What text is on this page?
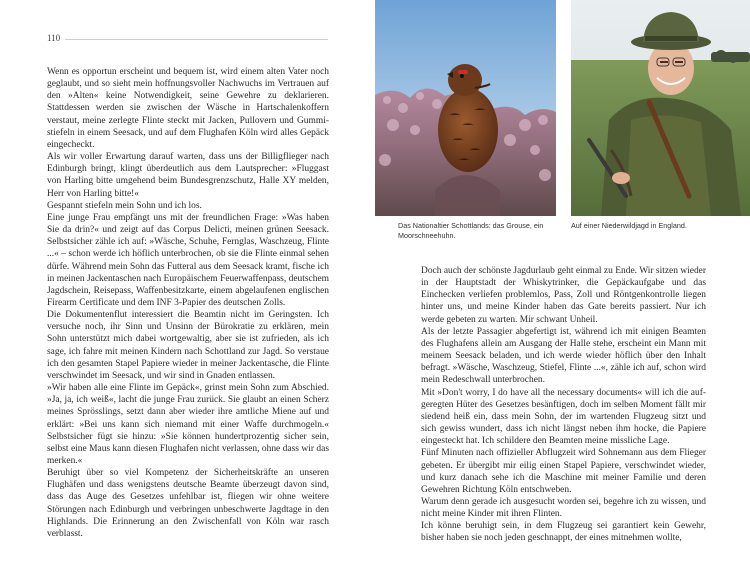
110

Wenn es opportun erscheint und bequem ist, wird einem alten Vater noch geglaubt, und so sieht mein hoffnungsvoller Nachwuchs im Vertrauen auf den »Alten« keine Notwendigkeit, seine Gewehre zu deklarieren. Stattdessen werden sie zwischen der Wäsche in Hartschalenkoffern verstaut, meine zerlegte Flinte steckt mit Jacken, Pullovern und Gummistiefeln in einem Seesack, und auf dem Flughafen Köln wird alles Gepäck eingecheckt.

Als wir voller Erwartung darauf warten, dass uns der Billigflieger nach Edinburgh bringt, klingt überdeutlich aus dem Lautsprecher: »Fluggast von Harling bitte umgehend beim Bundesgrenzschutz, Halle XY melden, Herr von Harling bitte!«

Gespannt stiefeln mein Sohn und ich los.

Eine junge Frau empfängt uns mit der freundlichen Frage: »Was haben Sie da drin?« und zeigt auf das Corpus Delicti, meinen grünen Seesack. Selbstsicher zähle ich auf: »Wäsche, Schuhe, Fernglas, Waschzeug, Flinte ...« – schon werde ich höflich unterbrochen, ob sie die Flinte einmal sehen dürfe. Während mein Sohn das Futteral aus dem Seesack kramt, fische ich in meinen Jackentaschen nach Europäischem Feuerwaffenpass, deutschem Jagdschein, Reisepass, Waffenbesitzkarte, einem abgelaufenen englischen Firearm Certificate und dem INF 3-Papier des deutschen Zolls.

Die Dokumentenflut interessiert die Beamtin nicht im Geringsten. Ich versuche noch, ihr Sinn und Unsinn der Bürokratie zu erklären, mein Sohn unterstützt mich dabei wortgewaltig, aber sie ist zufrieden, als ich sage, ich fahre mit meinen Kindern nach Schottland zur Jagd. So verstaue ich den gesamten Stapel Papiere wieder in meiner Jackentasche, die Flinte verschwindet im Seesack, und wir sind in Gnaden entlassen.

»Wir haben alle eine Flinte im Gepäck«, grinst mein Sohn zum Abschied. »Ja, ja, ich weiß«, lacht die junge Frau zurück. Sie glaubt an einen Scherz meines Sprösslings, setzt dann aber wieder ihre amtliche Miene auf und erklärt: »Bei uns kann sich niemand mit einer Waffe durchmogeln.« Selbstsicher fügt sie hinzu: »Sie können hundertprozentig sicher sein, selbst eine Maus kann diesen Flughafen nicht verlassen, ohne dass wir das merken.«

Beruhigt über so viel Kompetenz der Sicherheitskräfte an unseren Flughäfen und dass wenigstens deutsche Beamte überzeugt davon sind, dass das Auge des Gesetzes unfehlbar ist, fliegen wir ohne weitere Störungen nach Edinburgh und verbringen unbeschwerte Jagdtage in den Highlands. Die Erinnerung an den Zwischenfall von Köln war rasch verblasst.

Das Nationaltier Schottlands: das Grouse, ein Moorschneehuhn.
Auf einer Niederwildjagd in England.

Doch auch der schönste Jagdurlaub geht einmal zu Ende. Wir sitzen wieder in der Hauptstadt der Whiskytrinker, die Gepäckaufgabe und das Einchecken verliefen problemlos, Pass, Zoll und Röntgenkontrolle liegen hinter uns, und meine Kinder haben das Gate bereits passiert. Nur ich werde gebeten zu warten. Mir schwant Unheil.

Als der letzte Passagier abgefertigt ist, während ich mit einigen Beamten des Flughafens allein am Ausgang der Halle stehe, erscheint ein Mann mit meinem Seesack beladen, und ich werde wieder höflich über den Inhalt befragt. »Wäsche, Waschzeug, Stiefel, Flinte ...«, zähle ich auf, schon wird mein Redeschwall unterbrochen.

Mit »Don't worry, I do have all the necessary documents« will ich die aufgeregten Hüter des Gesetzes besänftigen, doch im selben Moment fällt mir siedend heiß ein, dass mein Sohn, der im wartenden Flugzeug sitzt und sich gewiss wundert, dass ich nicht längst neben ihm hocke, die Papiere eingesteckt hat. Ich schildere den Beamten meine missliche Lage.

Fünf Minuten nach offizieller Abflugzeit wird Sohnemann aus dem Flieger gebeten. Er übergibt mir eilig einen Stapel Papiere, verschwindet wieder, und kurz danach sehe ich die Maschine mit meiner Familie und deren Gewehren Richtung Köln entschweben.

Warum denn gerade ich ausgesucht worden sei, begehre ich zu wissen, und nicht meine Kinder mit ihren Flinten.

Ich könne beruhigt sein, in dem Flugzeug sei garantiert kein Gewehr, bisher haben sie noch jeden geschnappt, der eines mitnehmen wollte,
